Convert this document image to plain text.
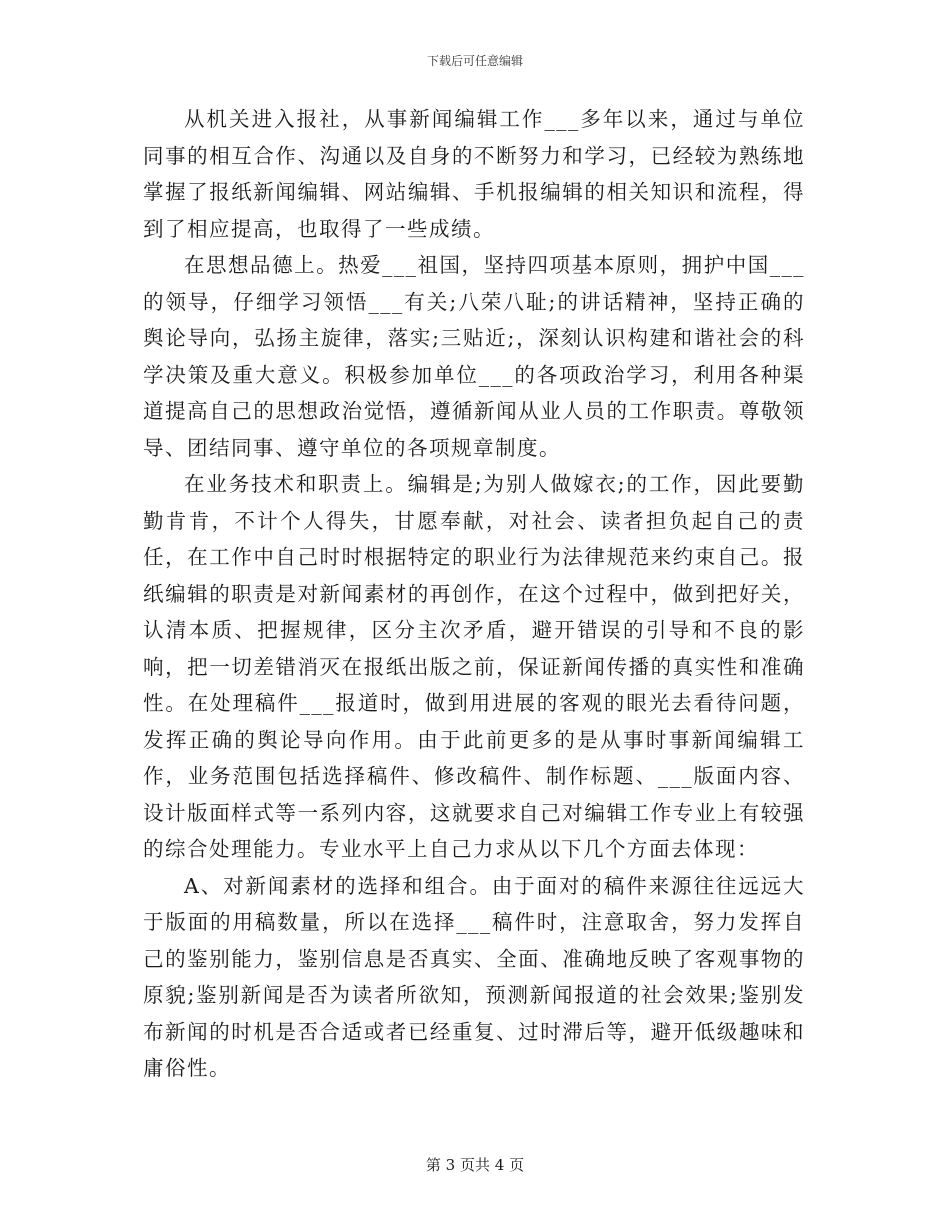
下载后可任意编辑

从机关进入报社，从事新闻编辑工作___多年以来，通过与单位同事的相互合作、沟通以及自身的不断努力和学习，已经较为熟练地掌握了报纸新闻编辑、网站编辑、手机报编辑的相关知识和流程，得到了相应提高，也取得了一些成绩。

在思想品德上。热爱___祖国，坚持四项基本原则，拥护中国___的领导，仔细学习领悟___有关;八荣八耻;的讲话精神，坚持正确的舆论导向，弘扬主旋律，落实;三贴近;，深刻认识构建和谐社会的科学决策及重大意义。积极参加单位___的各项政治学习，利用各种渠道提高自己的思想政治觉悟，遵循新闻从业人员的工作职责。尊敬领导、团结同事、遵守单位的各项规章制度。

在业务技术和职责上。编辑是;为别人做嫁衣;的工作，因此要勤勤肯肯，不计个人得失，甘愿奉献，对社会、读者担负起自己的责任，在工作中自己时时根据特定的职业行为法律规范来约束自己。报纸编辑的职责是对新闻素材的再创作，在这个过程中，做到把好关，认清本质、把握规律，区分主次矛盾，避开错误的引导和不良的影响，把一切差错消灭在报纸出版之前，保证新闻传播的真实性和准确性。在处理稿件___报道时，做到用进展的客观的眼光去看待问题，发挥正确的舆论导向作用。由于此前更多的是从事时事新闻编辑工作，业务范围包括选择稿件、修改稿件、制作标题、___版面内容、设计版面样式等一系列内容，这就要求自己对编辑工作专业上有较强的综合处理能力。专业水平上自己力求从以下几个方面去体现：

A、对新闻素材的选择和组合。由于面对的稿件来源往往远远大于版面的用稿数量，所以在选择___稿件时，注意取舍，努力发挥自己的鉴别能力，鉴别信息是否真实、全面、准确地反映了客观事物的原貌;鉴别新闻是否为读者所欲知，预测新闻报道的社会效果;鉴别发布新闻的时机是否合适或者已经重复、过时滞后等，避开低级趣味和庸俗性。

第 3 页共 4 页
